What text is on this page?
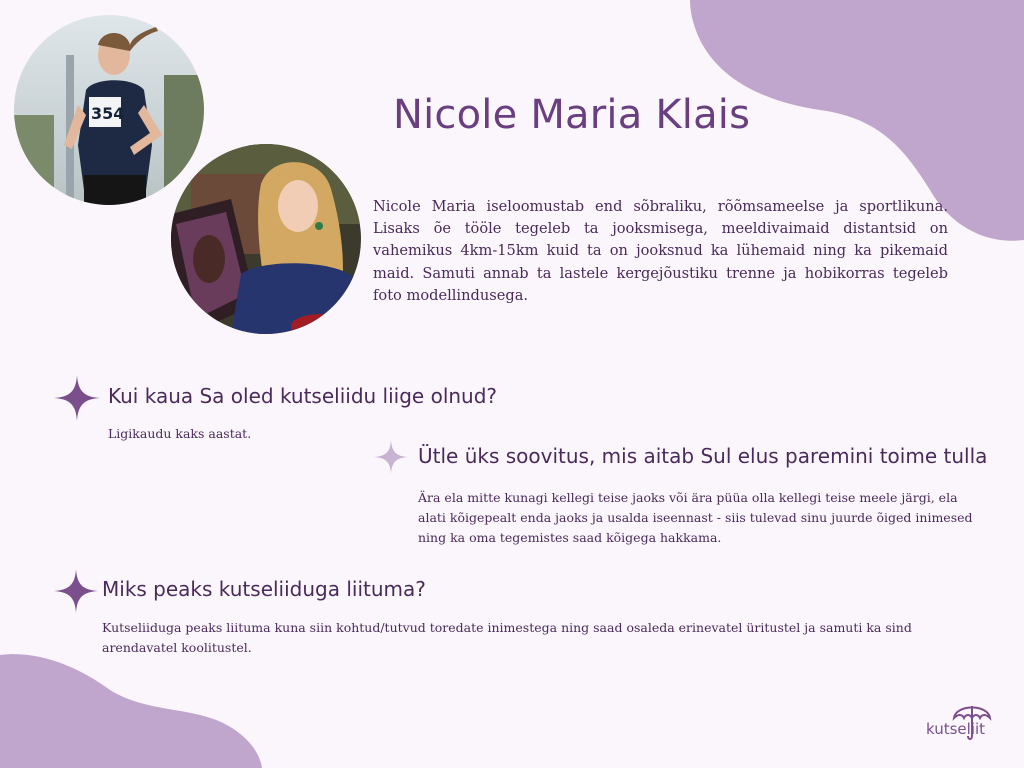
354	Nicole Maria Klais

Nicole Maria iseloomustab end sõbraliku, rõõmsameelse ja sportlikuna. Lisaks õe tööle tegeleb ta jooksmisega, meeldivaimaid distantsid on vahemikus 4km-15km kuid ta on jooksnud ka lühemaid ning ka pikemaid maid. Samuti annab ta lastele kergejõustiku trenne ja hobikorras tegeleb foto modellindusega.

Kui kaua Sa oled kutseliidu liige olnud?

Ligikaudu kaks aastat.

Ütle üks soovitus, mis aitab Sul elus paremini toime tulla

Ära ela mitte kunagi kellegi teise jaoks või ära püüa olla kellegi teise meele järgi, ela alati kõigepealt enda jaoks ja usalda iseennast - siis tulevad sinu juurde õiged inimesed ning ka oma tegemistes saad kõigega hakkama.

Miks peaks kutseliiduga liituma?

Kutseliiduga peaks liituma kuna siin kohtud/tutvud toredate inimestega ning saad osaleda erinevatel üritustel ja samuti ka sind arendavatel koolitustel.

kutseliit
